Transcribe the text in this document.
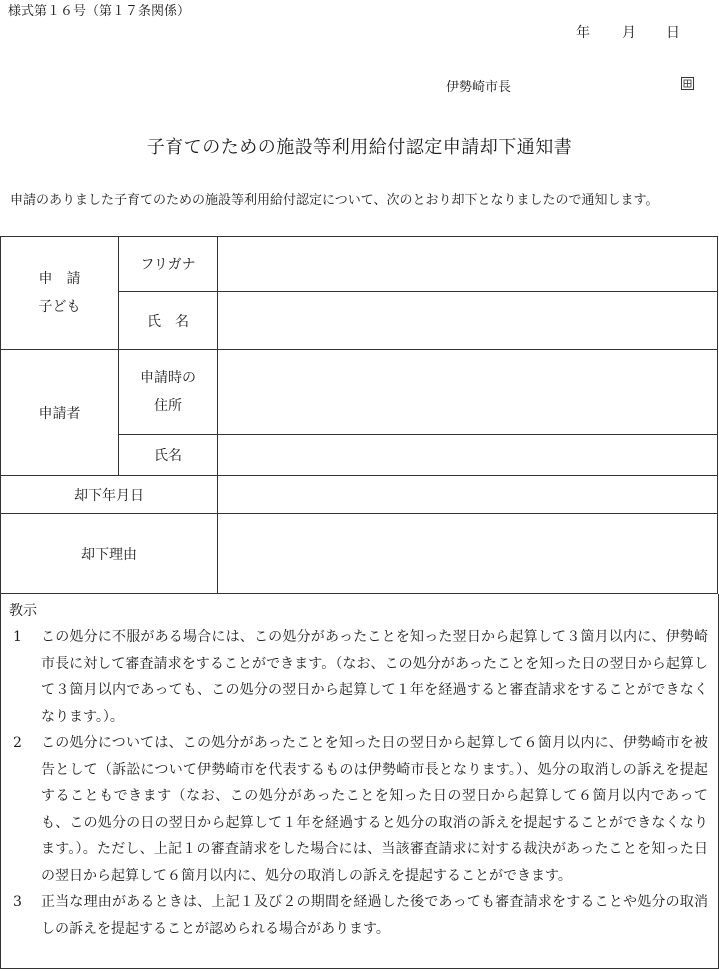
様式第１６号（第１７条関係）
年 月 日
伊勢崎市長
子育てのための施設等利用給付認定申請却下通知書

申請のありました子育てのための施設等利用給付認定について、次のとおり却下となりましたので通知します。

申　請
子ども	フリガナ	
	氏　名	
申請者	申請時の
住所	

	氏名	
却下年月日		
却下理由		
教示
1 この処分に不服がある場合には、この処分があったことを知った翌日から起算して３箇月以内に、伊勢崎市長に対して審査請求をすることができます。（なお、この処分があったことを知った日の翌日から起算して３箇月以内であっても、この処分の翌日から起算して１年を経過すると審査請求をすることができなくなります。）。
2 この処分については、この処分があったことを知った日の翌日から起算して６箇月以内に、伊勢崎市を被告として（訴訟について伊勢崎市を代表するものは伊勢崎市長となります。）、処分の取消しの訴えを提起することもできます（なお、この処分があったことを知った日の翌日から起算して６箇月以内であっても、この処分の日の翌日から起算して１年を経過すると処分の取消の訴えを提起することができなくなります。）。ただし、上記１の審査請求をした場合には、当該審査請求に対する裁決があったことを知った日の翌日から起算して６箇月以内に、処分の取消しの訴えを提起することができます。
3 正当な理由があるときは、上記１及び２の期間を経過した後であっても審査請求をすることや処分の取消しの訴えを提起することが認められる場合があります。
